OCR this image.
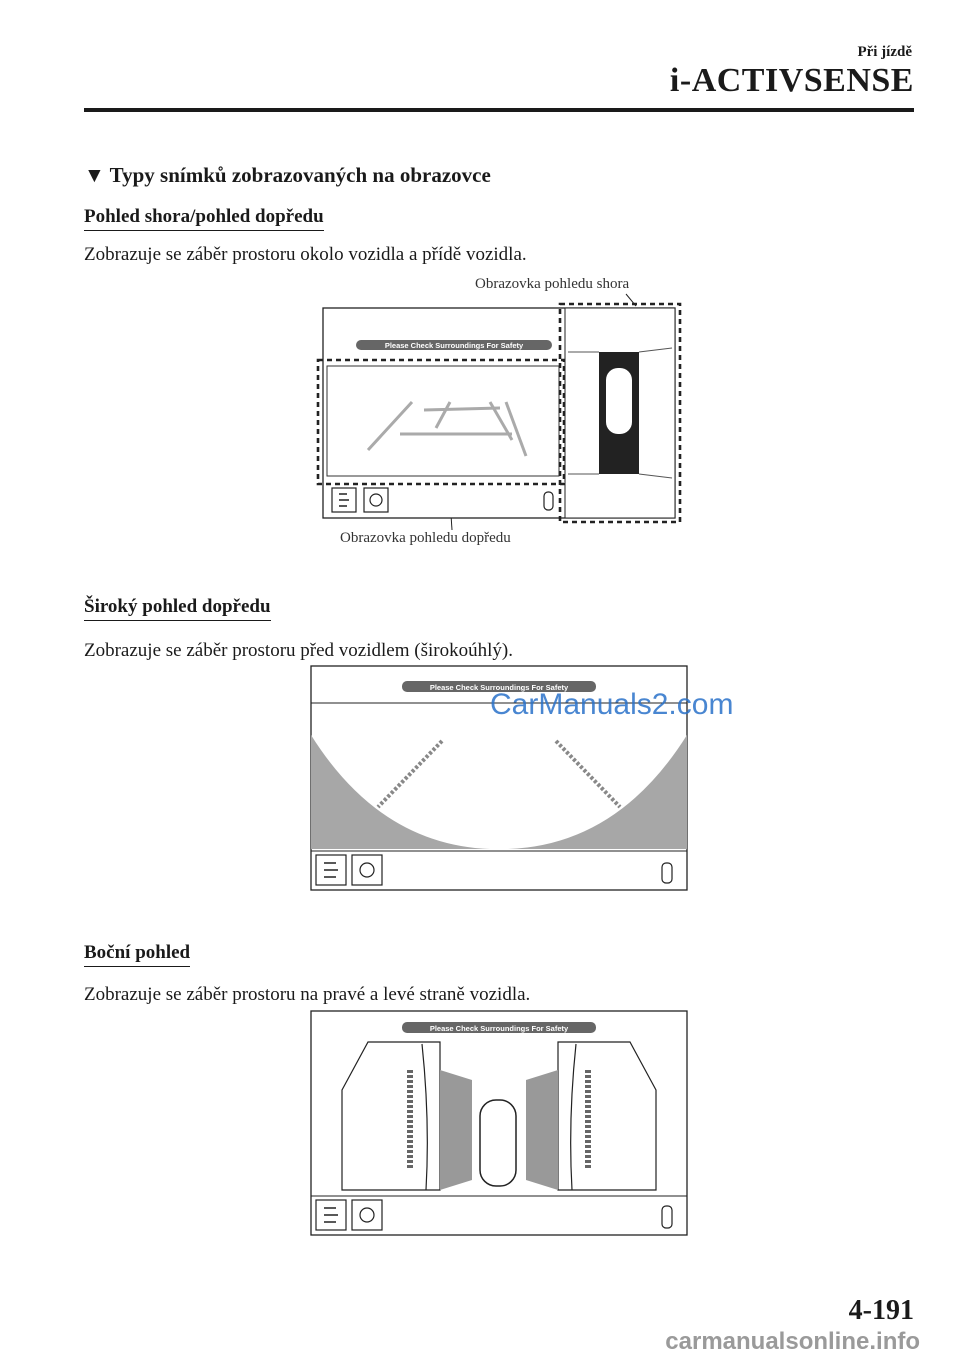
Při jízdě
i-ACTIVSENSE
▼ Typy snímků zobrazovaných na obrazovce
Pohled shora/pohled dopředu
Zobrazuje se záběr prostoru okolo vozidla a přídě vozidla.
Obrazovka pohledu shora
Obrazovka pohledu dopředu
Please Check Surroundings For Safety
Široký pohled dopředu
Zobrazuje se záběr prostoru před vozidlem (širokoúhlý).
Please Check Surroundings For Safety
Boční pohled
Zobrazuje se záběr prostoru na pravé a levé straně vozidla.
Please Check Surroundings For Safety
4-191
CarManuals2.com
carmanualsonline.info
